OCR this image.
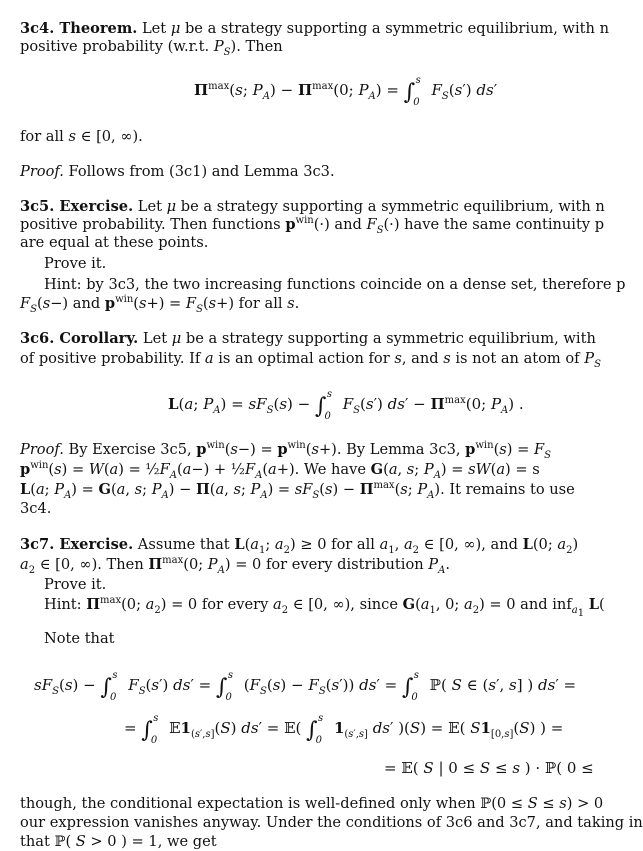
3c4. Theorem. Let μ be a strategy supporting a symmetric equilibrium, with n
positive probability (w.r.t. $P_S$). Then
$\Pi^{max}(s$; $P_A) - \Pi^{max}(0$; $P_A) = \int_0^s$ $F_S(s')$ ds′
for all s ∈ [0, ∞).
Proof. Follows from (3c1) and Lemma 3c3.
3c5. Exercise. Let μ be a strategy supporting a symmetric equilibrium, with n
positive probability. Then functions $p^{win}(\cdot)$ and $F_S(\cdot)$ have the same continuity p
are equal at these points.
Prove it.
Hint: by 3c3, the two increasing functions coincide on a dense set, therefore p
$F_S(s-)$ and $p^{win}(s+) = F_S(s+)$ for all s.
3c6. Corollary. Let μ be a strategy supporting a symmetric equilibrium, with
of positive probability. If a is an optimal action for s, and s is not an atom of $P_S$
L(a; $P_A) = sF_S(s) - \int_0^s$ $F_S(s') ds' - \Pi^{max}(0$; $P_A$) .
Proof. By Exercise 3c5, $p^{win}(s-) = p^{win}(s+)$. By Lemma 3c3, $p^{win}(s) = F_S$
$p^{win}(s) = W(a)$ = $\frac{1}{2}F_A(a-)$ + $\frac{1}{2}F_A(a+)$. We have G(a, s; $P_A) = sW(a) = s$
L(a; $P_A) = G(a$, s; $P_A) - \Pi(a$, s; $P_A) = sF_S(s) - \Pi^{max}(s$; $P_A$). It remains to use
3c4.
3c7. Exercise. Assume that $L(a_1$; $a_2) \ge 0$ for all $a_1$, $a_2$ ∈ [0, ∞), and L(0; $a_2$)
$a_2$ ∈ [0, ∞). Then $\Pi^{max}(0$; $P_A) = 0$ for every distribution $P_A$.
Prove it.
Hint: $\Pi^{max}(0$; $a_2) = 0$ for every $a_2$ ∈ [0, ∞), since $G(a_1$, 0; $a_2) = 0$ and inf$_{a_1}$ L(
Note that
$sF_S(s) - \int_0^s$ $F_S(s') ds' = \int_0^s$ $(F_S(s) - F_S(s')) ds' = \int_0^s$ ℙ( S ∈ (s′, s] ) ds′ =
= $\int_0^s$ $𝔼1_{(s',s]}(S) ds'$ = 𝔼( $\int_0^s$ $1_{(s',s]}$ ds′ )(S) = 𝔼( $S1_{[0,s]}(S)$ ) =
= 𝔼( S | 0 ≤ S ≤ s ) · ℙ( 0 ≤
though, the conditional expectation is well-defined only when ℙ(0 ≤ S ≤ s) > 0
our expression vanishes anyway. Under the conditions of 3c6 and 3c7, and taking in
that ℙ( S > 0 ) = 1, we get
